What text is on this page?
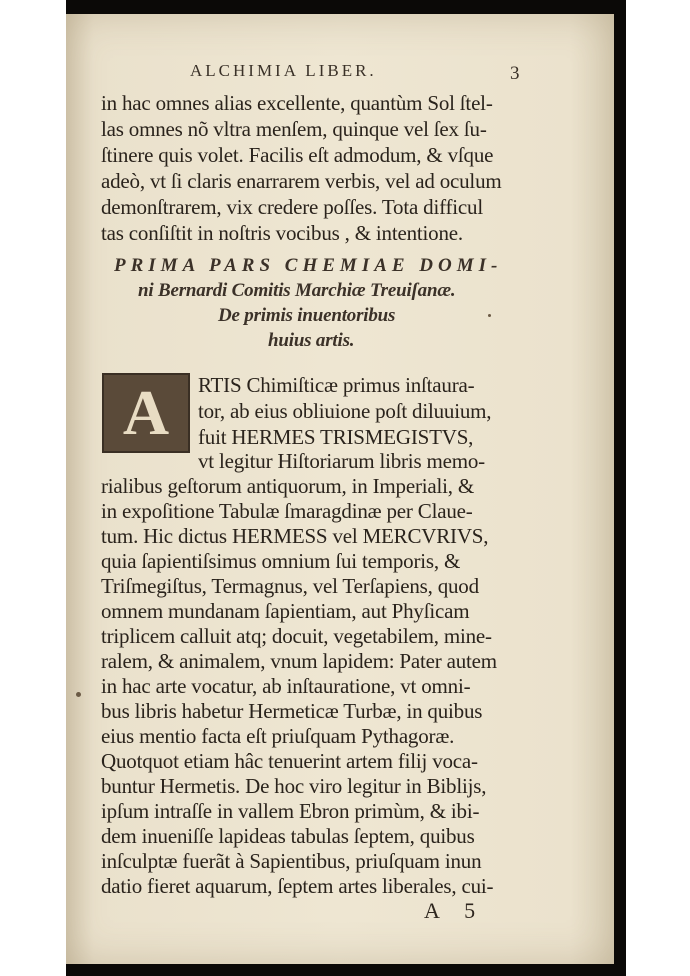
ALCHIMIA LIBER.	3
in hac omnes alias excellente, quantùm Sol ſtel-
las omnes nõ vltra menſem, quinque vel ſex ſu-
ſtinere quis volet. Facilis eſt admodum, & vſque
adeò, vt ſi claris enarrarem verbis, vel ad oculum
demonſtrarem, vix credere poſſes. Tota difficul
tas conſiſtit in noſtris vocibus , & intentione.
PRIMA PARS CHEMIAE DOMI-
ni Bernardi Comitis Marchiæ Treuiſanæ.
De primis inuentoribus
huius artis.
A RTIS Chimiſticæ primus inſtaura-
tor, ab eius obliuione poſt diluuium,
fuit HERMES TRISMEGISTVS,
vt legitur Hiſtoriarum libris memo-
rialibus geſtorum antiquorum, in Imperiali, &
in expoſitione Tabulæ ſmaragdinæ per Claue-
tum. Hic dictus HERMESS vel MERCVRIVS,
quia ſapientiſsimus omnium ſui temporis, &
Triſmegiſtus, Termagnus, vel Terſapiens, quod
omnem mundanam ſapientiam, aut Phyſicam
triplicem calluit atq; docuit, vegetabilem, mine-
ralem, & animalem, vnum lapidem: Pater autem
in hac arte vocatur, ab inſtauratione, vt omni-
bus libris habetur Hermeticæ Turbæ, in quibus
eius mentio facta eſt priuſquam Pythagoræ.
Quotquot etiam hâc tenuerint artem filij voca-
buntur Hermetis. De hoc viro legitur in Biblijs,
ipſum intraſſe in vallem Ebron primùm, & ibi-
dem inueniſſe lapideas tabulas ſeptem, quibus
inſculptæ fuerãt à Sapientibus, priuſquam inun
datio fieret aquarum, ſeptem artes liberales, cui-
A 5
